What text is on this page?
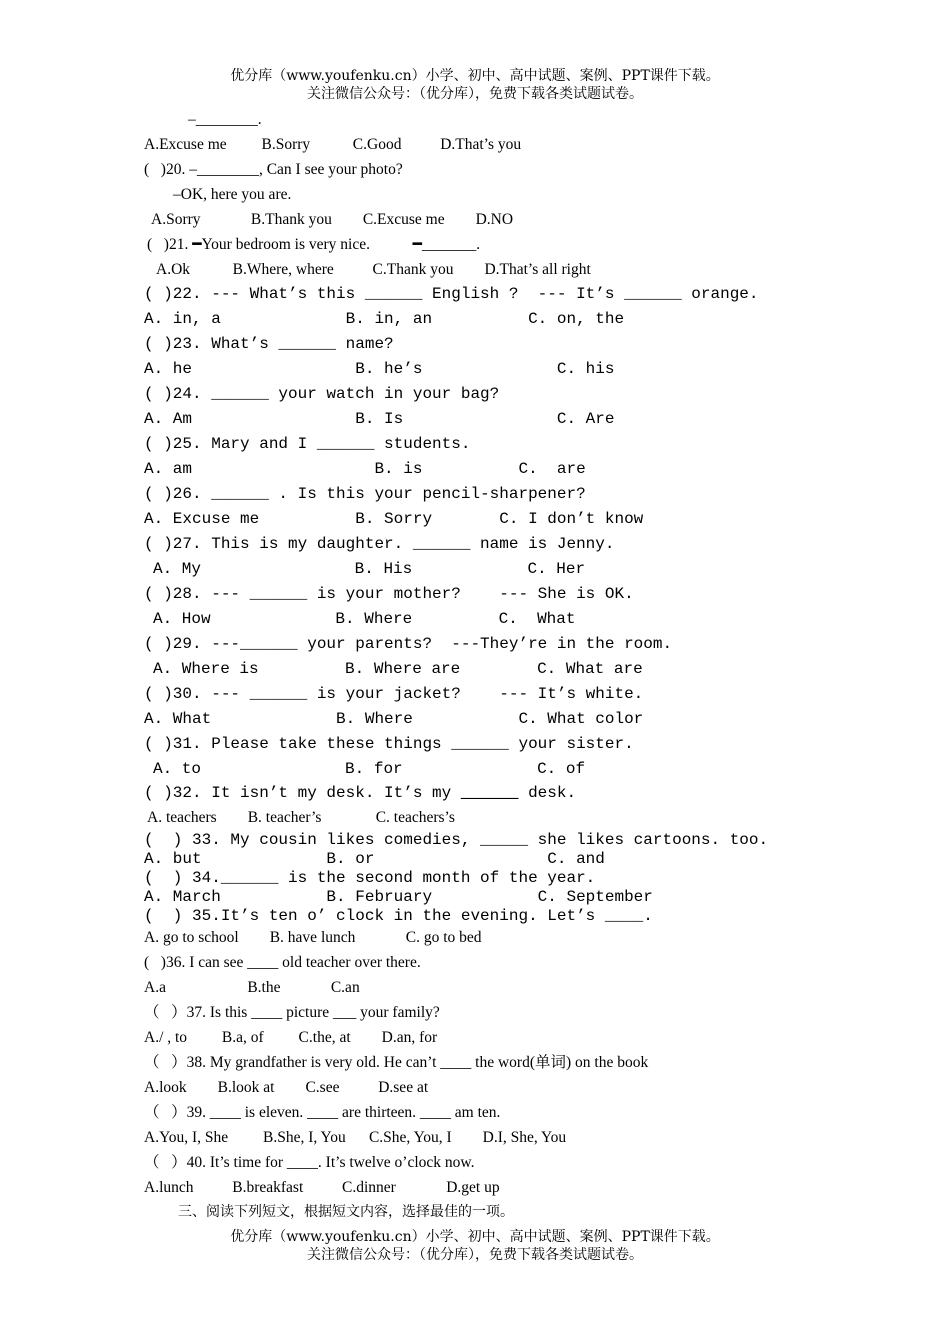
优分库（www.youfenku.cn）小学、初中、高中试题、案例、PPT课件下载。
关注微信公众号：（优分库），免费下载各类试题试卷。
–________.
A.Excuse me         B.Sorry           C.Good          D.That’s you
(   )20. –________, Can I see your photo?
–OK, here you are.
A.Sorry             B.Thank you        C.Excuse me        D.NO
(   )21. ━Your bedroom is very nice.           ━_______.
A.Ok           B.Where, where          C.Thank you        D.That’s all right
( )22. --- What’s this ______ English ?  --- It’s ______ orange.
A. in, a             B. in, an          C. on, the
( )23. What’s ______ name?
A. he                 B. he’s              C. his
( )24. ______ your watch in your bag?
A. Am                 B. Is                C. Are
( )25. Mary and I ______ students.
A. am                   B. is          C.  are
( )26. ______ . Is this your pencil-sharpener?
A. Excuse me          B. Sorry       C. I don’t know
( )27. This is my daughter. ______ name is Jenny.
A. My                B. His            C. Her
( )28. --- ______ is your mother?    --- She is OK.
A. How             B. Where         C.  What
( )29. ---______ your parents?  ---They’re in the room.
A. Where is         B. Where are        C. What are
( )30. --- ______ is your jacket?    --- It’s white.
A. What             B. Where           C. What color
( )31. Please take these things ______ your sister.
A. to               B. for              C. of
( )32. It isn’t my desk. It’s my ______ desk.
A. teachers        B. teacher’s              C. teachers’s
(  ) 33. My cousin likes comedies, _____ she likes cartoons. too.
A. but             B. or                  C. and
(  ) 34.______ is the second month of the year.
A. March           B. February           C. September
(  ) 35.It’s ten o’ clock in the evening. Let’s ____.
A. go to school        B. have lunch             C. go to bed
(   )36. I can see ____ old teacher over there.
A.a                     B.the             C.an
（   ）37. Is this ____ picture ___ your family?
A./ , to         B.a, of         C.the, at        D.an, for
（   ）38. My grandfather is very old. He can’t ____ the word(单词) on the book
A.look        B.look at        C.see          D.see at
（   ）39. ____ is eleven. ____ are thirteen. ____ am ten.
A.You, I, She         B.She, I, You      C.She, You, I        D.I, She, You
（   ）40. It’s time for ____. It’s twelve o’clock now.
A.lunch          B.breakfast          C.dinner             D.get up
三、阅读下列短文，根据短文内容，选择最佳的一项。
优分库（www.youfenku.cn）小学、初中、高中试题、案例、PPT课件下载。
关注微信公众号：（优分库），免费下载各类试题试卷。
